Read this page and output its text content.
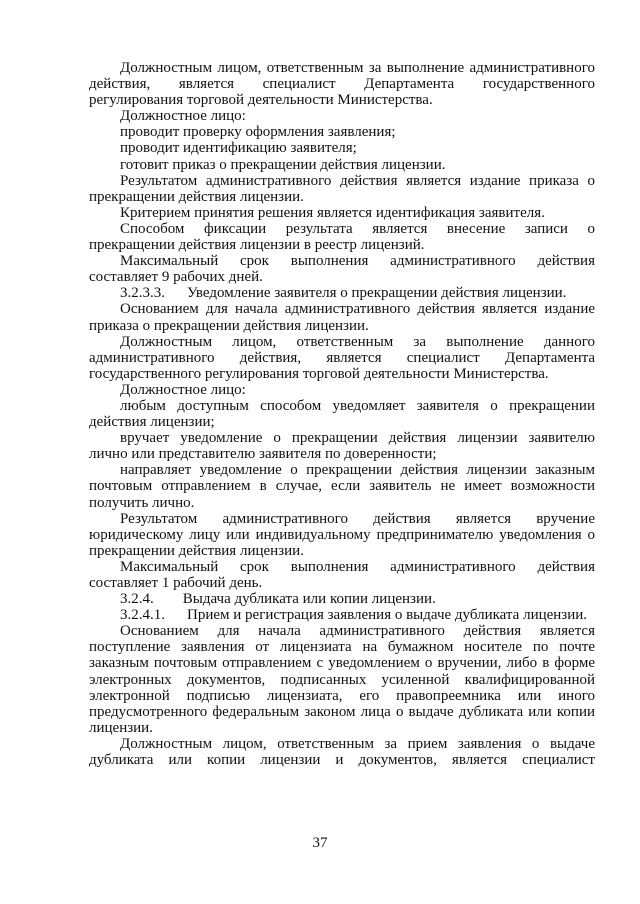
Должностным лицом, ответственным за выполнение административного
действия, является специалист Департамента государственного
регулирования торговой деятельности Министерства.
Должностное лицо:
проводит проверку оформления заявления;
проводит идентификацию заявителя;
готовит приказ о прекращении действия лицензии.
Результатом административного действия является издание приказа о
прекращении действия лицензии.
Критерием принятия решения является идентификация заявителя.
Способом фиксации результата является внесение записи о
прекращении действия лицензии в реестр лицензий.
Максимальный срок выполнения административного действия
составляет 9 рабочих дней.
3.2.3.3. Уведомление заявителя о прекращении действия лицензии.
Основанием для начала административного действия является издание
приказа о прекращении действия лицензии.
Должностным лицом, ответственным за выполнение данного
административного действия, является специалист Департамента
государственного регулирования торговой деятельности Министерства.
Должностное лицо:
любым доступным способом уведомляет заявителя о прекращении
действия лицензии;
вручает уведомление о прекращении действия лицензии заявителю
лично или представителю заявителя по доверенности;
направляет уведомление о прекращении действия лицензии заказным
почтовым отправлением в случае, если заявитель не имеет возможности
получить лично.
Результатом административного действия является вручение
юридическому лицу или индивидуальному предпринимателю уведомления о
прекращении действия лицензии.
Максимальный срок выполнения административного действия
составляет 1 рабочий день.
3.2.4. Выдача дубликата или копии лицензии.
3.2.4.1. Прием и регистрация заявления о выдаче дубликата лицензии.
Основанием для начала административного действия является
поступление заявления от лицензиата на бумажном носителе по почте
заказным почтовым отправлением с уведомлением о вручении, либо в форме
электронных документов, подписанных усиленной квалифицированной
электронной подписью лицензиата, его правопреемника или иного
предусмотренного федеральным законом лица о выдаче дубликата или копии
лицензии.
Должностным лицом, ответственным за прием заявления о выдаче
дубликата или копии лицензии и документов, является специалист
37
